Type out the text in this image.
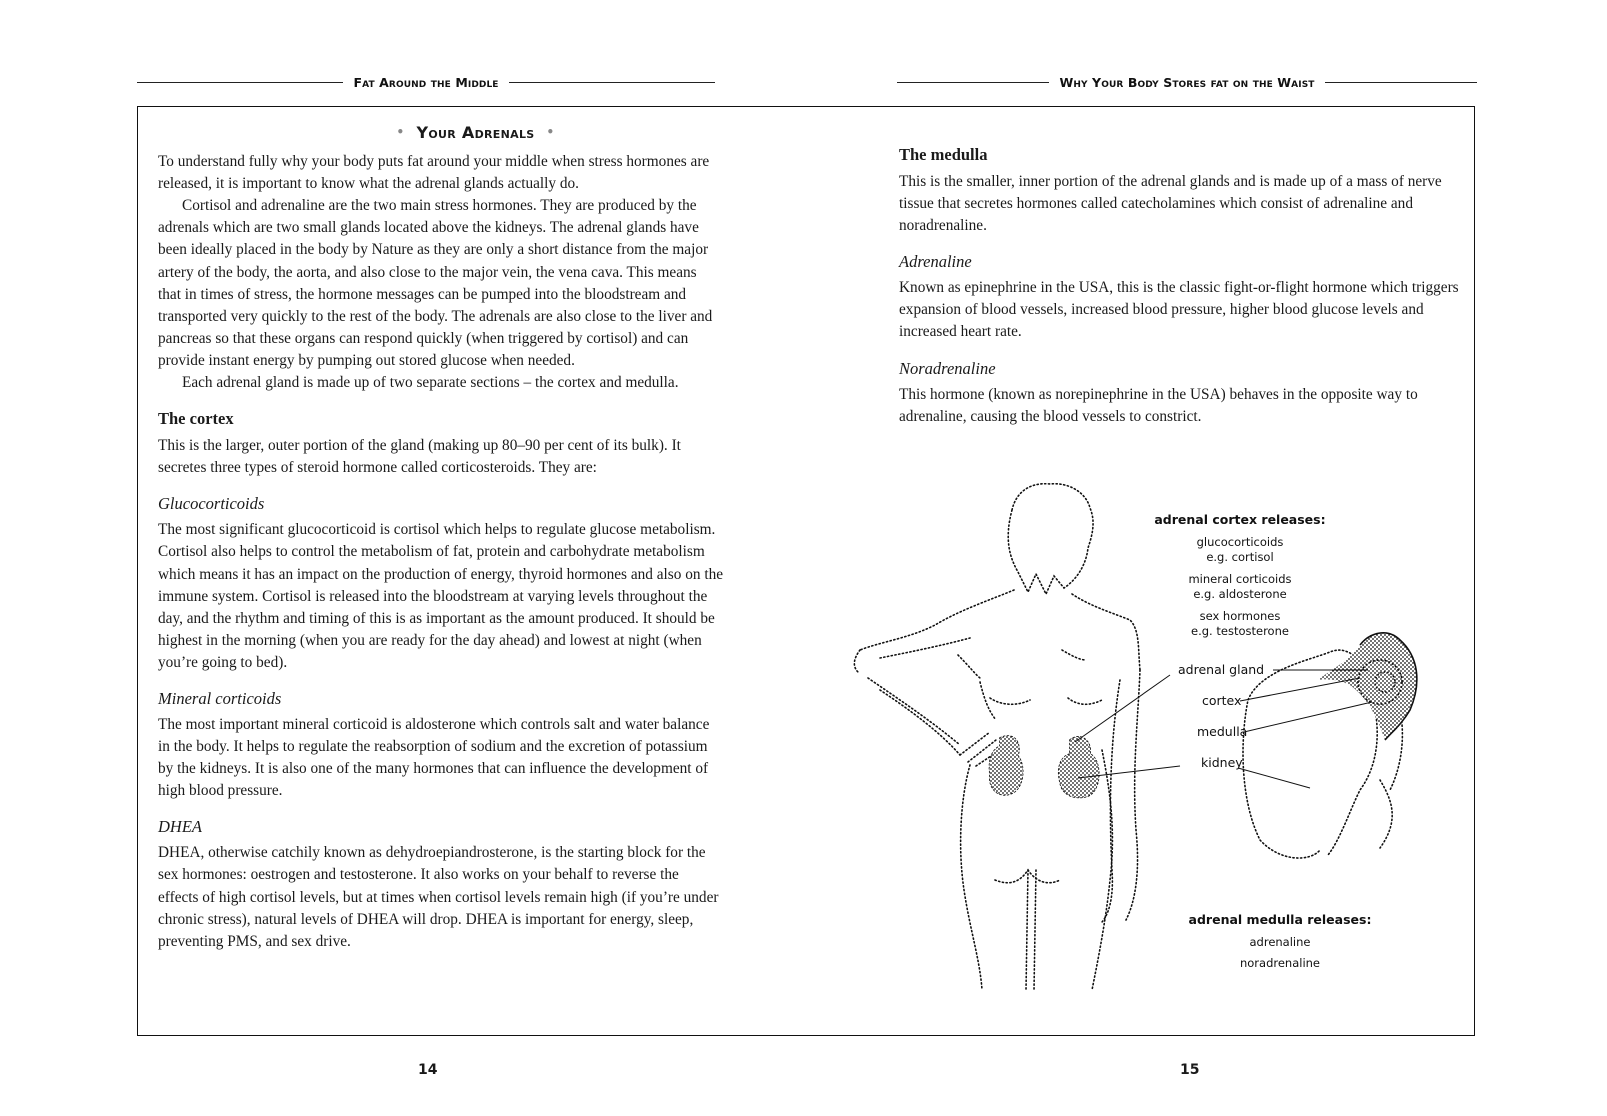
Fat Around the Middle	Why Your Body Stores fat on the Waist
• Your Adrenals •

To understand fully why your body puts fat around your middle when stress hormones are released, it is important to know what the adrenal glands actually do.

Cortisol and adrenaline are the two main stress hormones. They are produced by the adrenals which are two small glands located above the kidneys. The adrenal glands have been ideally placed in the body by Nature as they are only a short distance from the major artery of the body, the aorta, and also close to the major vein, the vena cava. This means that in times of stress, the hormone messages can be pumped into the bloodstream and transported very quickly to the rest of the body. The adrenals are also close to the liver and pancreas so that these organs can respond quickly (when triggered by cortisol) and can provide instant energy by pumping out stored glucose when needed.

Each adrenal gland is made up of two separate sections – the cortex and medulla.

The cortex

This is the larger, outer portion of the gland (making up 80–90 per cent of its bulk). It secretes three types of steroid hormone called corticosteroids. They are:

Glucocorticoids

The most significant glucocorticoid is cortisol which helps to regulate glucose metabolism. Cortisol also helps to control the metabolism of fat, protein and carbohydrate metabolism which means it has an impact on the production of energy, thyroid hormones and also on the immune system. Cortisol is released into the bloodstream at varying levels throughout the day, and the rhythm and timing of this is as important as the amount produced. It should be highest in the morning (when you are ready for the day ahead) and lowest at night (when you’re going to bed).

Mineral corticoids

The most important mineral corticoid is aldosterone which controls salt and water balance in the body. It helps to regulate the reabsorption of sodium and the excretion of potassium by the kidneys. It is also one of the many hormones that can influence the development of high blood pressure.

DHEA

DHEA, otherwise catchily known as dehydroepiandrosterone, is the starting block for the sex hormones: oestrogen and testosterone. It also works on your behalf to reverse the effects of high cortisol levels, but at times when cortisol levels remain high (if you’re under chronic stress), natural levels of DHEA will drop. DHEA is important for energy, sleep, preventing PMS, and sex drive.

The medulla

This is the smaller, inner portion of the adrenal glands and is made up of a mass of nerve tissue that secretes hormones called catecholamines which consist of adrenaline and noradrenaline.

Adrenaline

Known as epinephrine in the USA, this is the classic fight-or-flight hormone which triggers expansion of blood vessels, increased blood pressure, higher blood glucose levels and increased heart rate.

Noradrenaline

This hormone (known as norepinephrine in the USA) behaves in the opposite way to adrenaline, causing the blood vessels to constrict.

adrenal cortex releases:
glucocorticoids
e.g. cortisol
mineral corticoids
e.g. aldosterone
sex hormones
e.g. testosterone
adrenal gland
cortex
medulla
kidney
adrenal medulla releases:
adrenaline
noradrenaline
14	15
